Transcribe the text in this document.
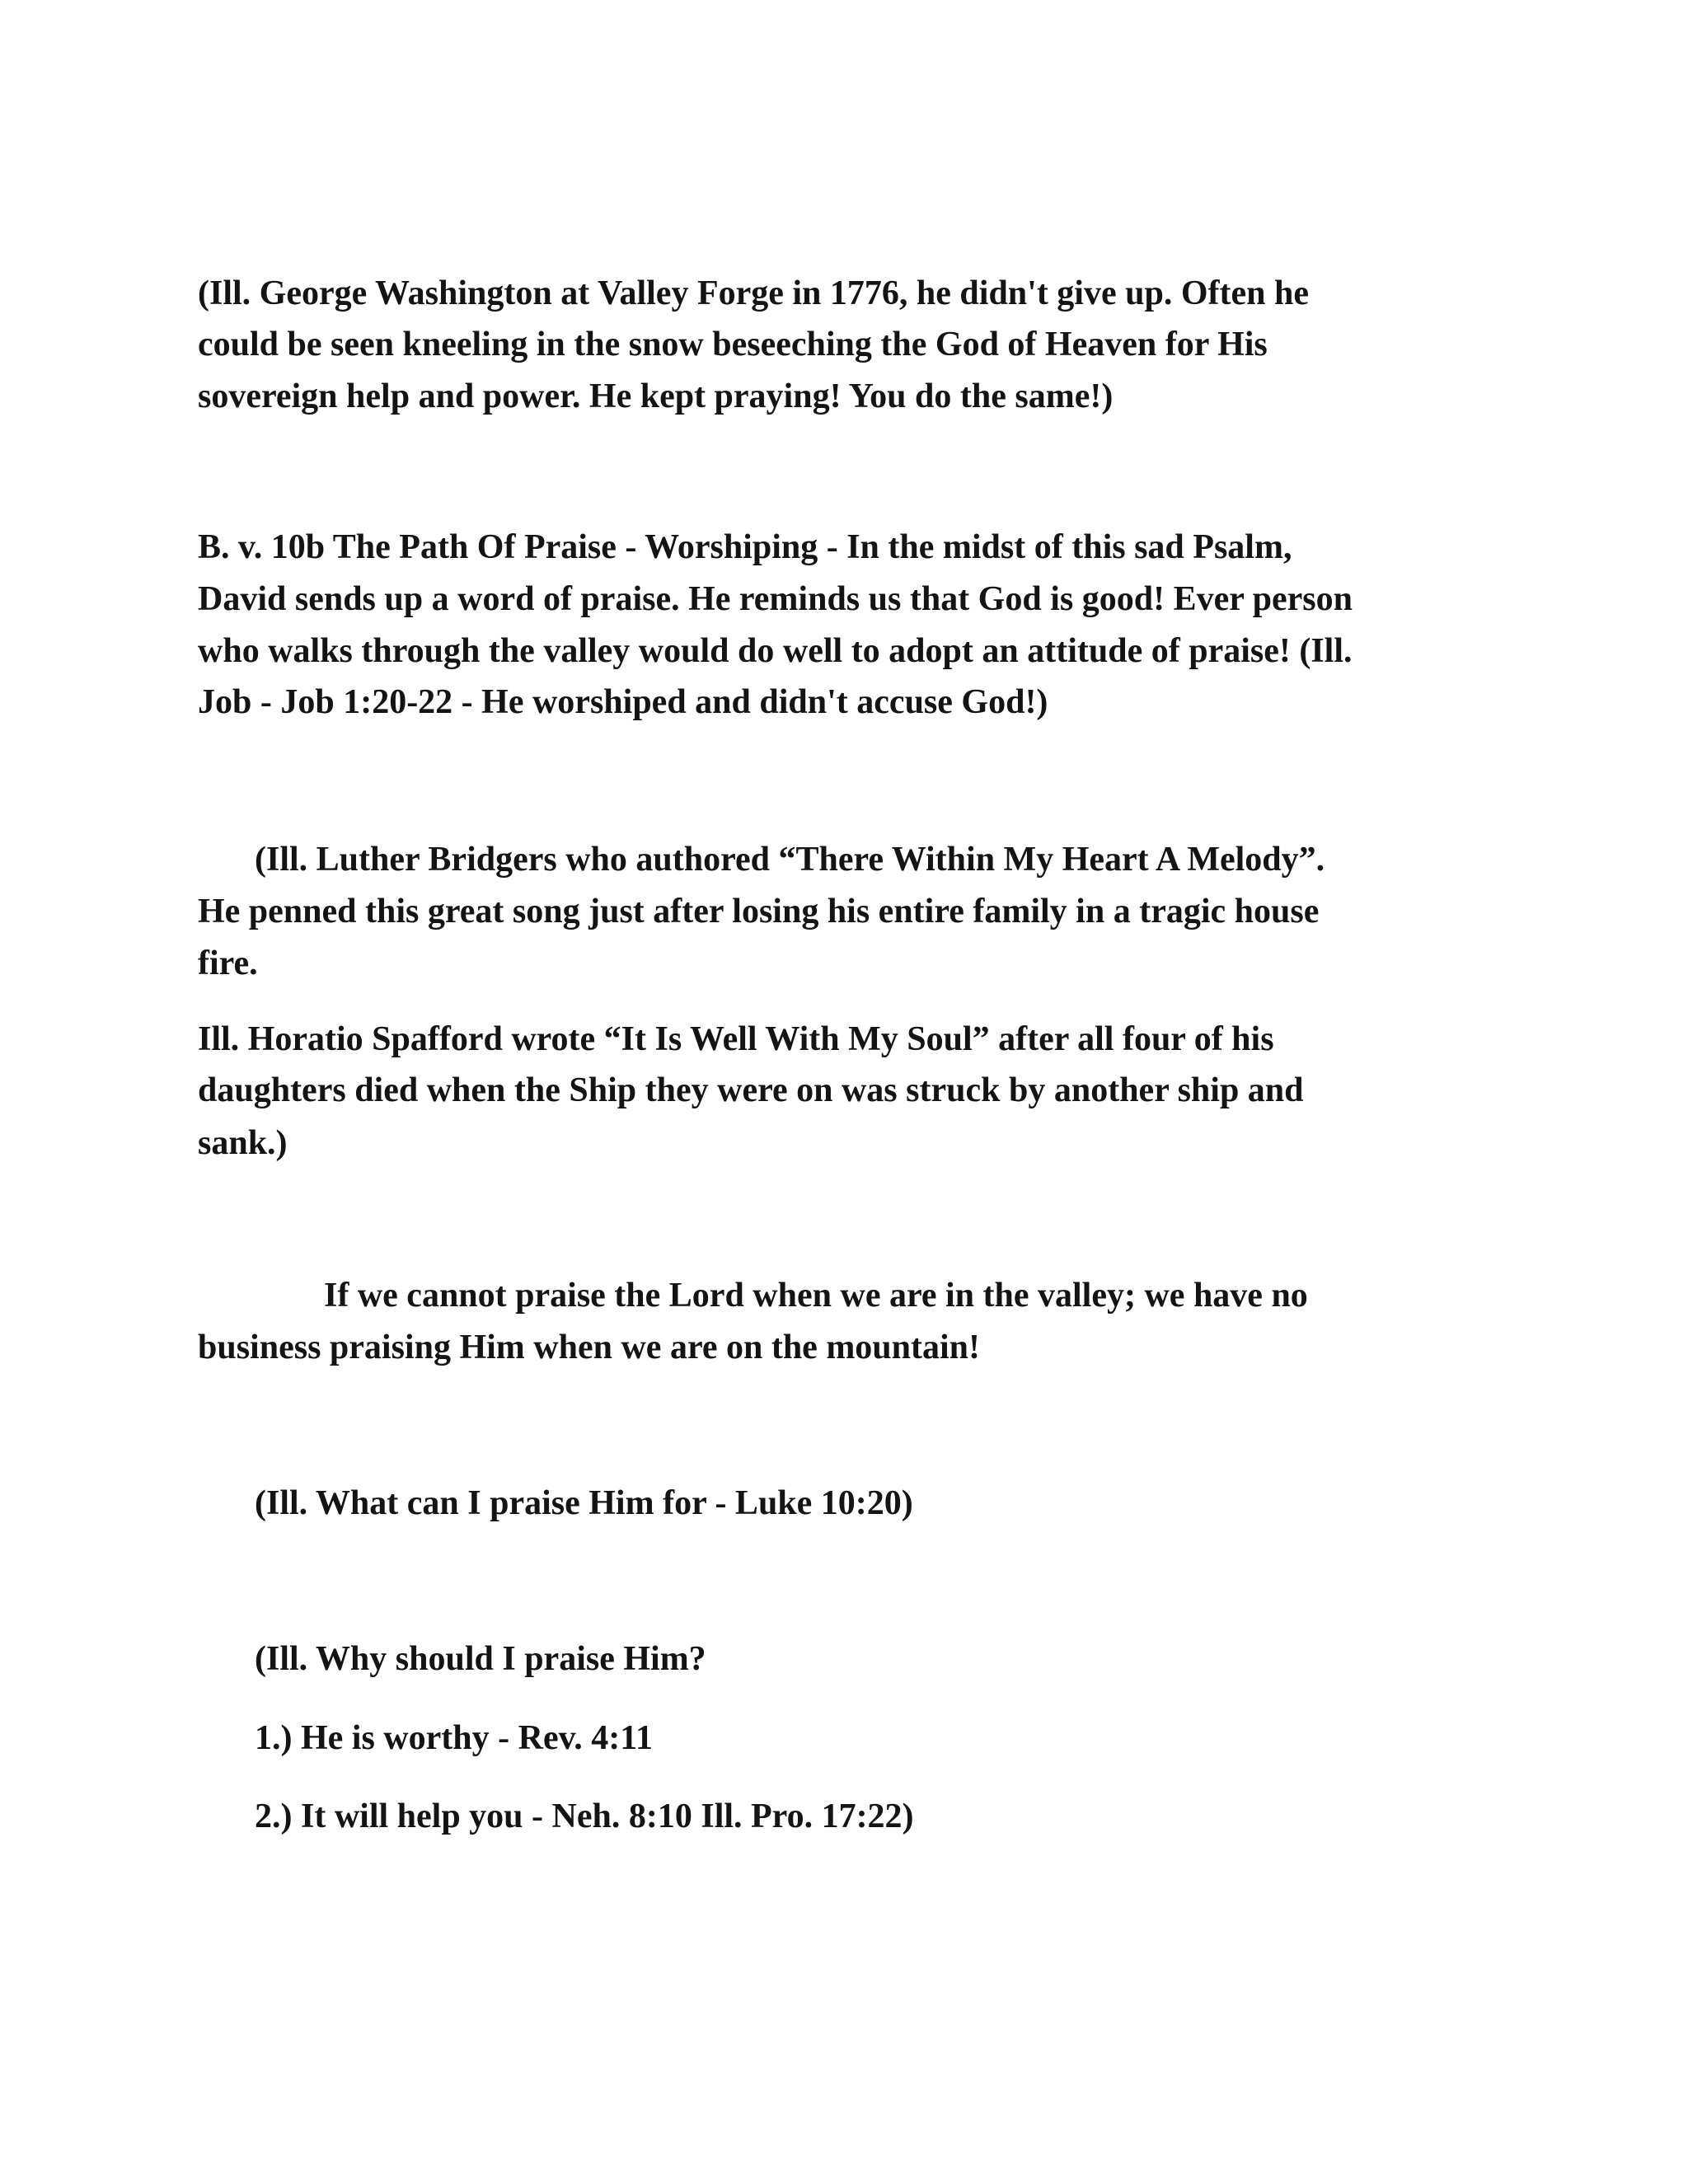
(Ill. George Washington at Valley Forge in 1776, he didn't give up. Often he

could be seen kneeling in the snow beseeching the God of Heaven for His

sovereign help and power. He kept praying! You do the same!)

B. v. 10b The Path Of Praise - Worshiping - In the midst of this sad Psalm,

David sends up a word of praise. He reminds us that God is good! Ever person

who walks through the valley would do well to adopt an attitude of praise! (Ill.

Job - Job 1:20-22 - He worshiped and didn't accuse God!)

(Ill. Luther Bridgers who authored “There Within My Heart A Melody”.

He penned this great song just after losing his entire family in a tragic house

fire.

Ill. Horatio Spafford wrote “It Is Well With My Soul” after all four of his

daughters died when the Ship they were on was struck by another ship and

sank.)

If we cannot praise the Lord when we are in the valley; we have no

business praising Him when we are on the mountain!

(Ill. What can I praise Him for - Luke 10:20)

(Ill. Why should I praise Him?

1.) He is worthy - Rev. 4:11

2.) It will help you - Neh. 8:10 Ill. Pro. 17:22)
